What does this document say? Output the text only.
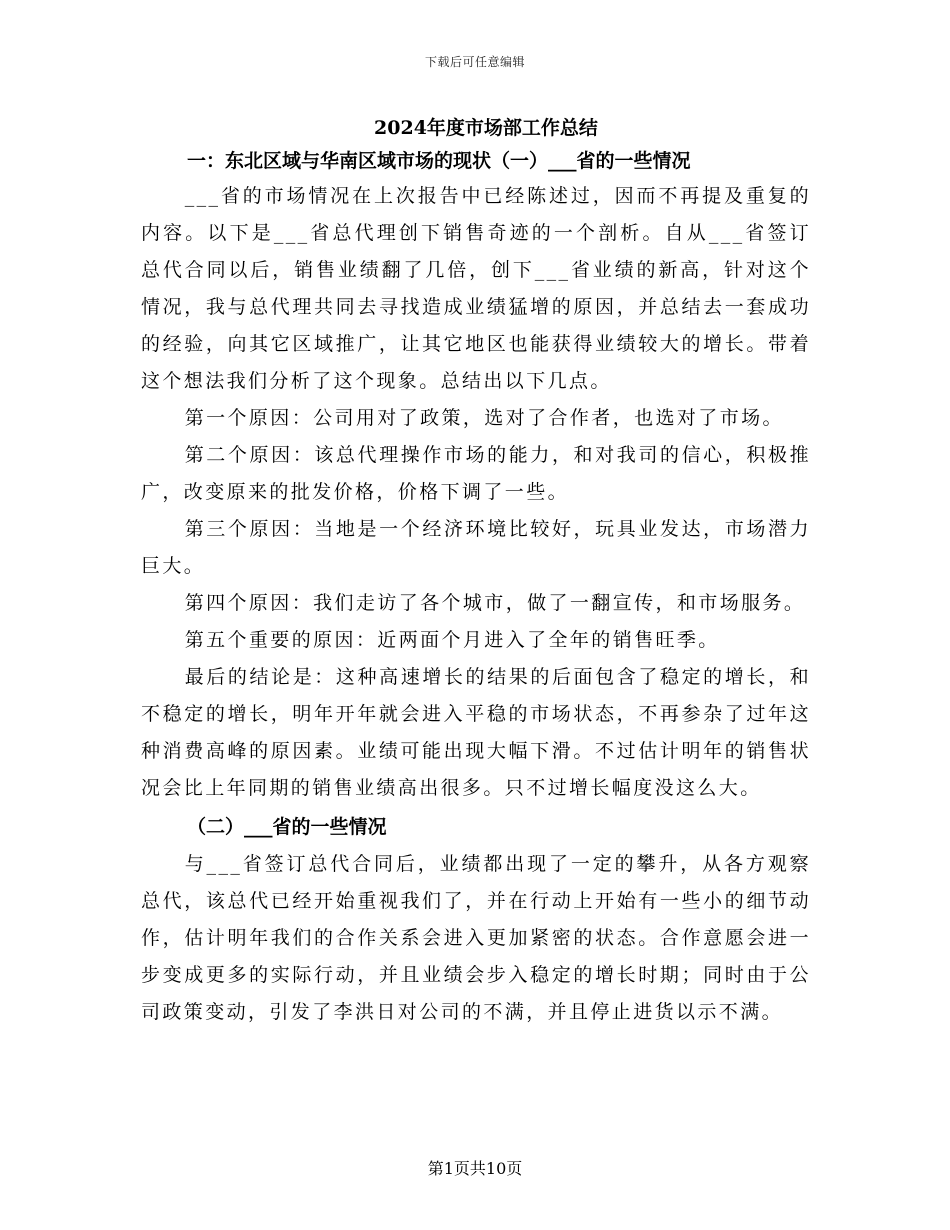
下载后可任意编辑
2024年度市场部工作总结
一：东北区域与华南区域市场的现状（一）___省的一些情况

___省的市场情况在上次报告中已经陈述过，因而不再提及重复的内容。以下是___省总代理创下销售奇迹的一个剖析。自从___省签订总代合同以后，销售业绩翻了几倍，创下___省业绩的新高，针对这个情况，我与总代理共同去寻找造成业绩猛增的原因，并总结去一套成功的经验，向其它区域推广，让其它地区也能获得业绩较大的增长。带着这个想法我们分析了这个现象。总结出以下几点。

第一个原因：公司用对了政策，选对了合作者，也选对了市场。

第二个原因：该总代理操作市场的能力，和对我司的信心，积极推广，改变原来的批发价格，价格下调了一些。

第三个原因：当地是一个经济环境比较好，玩具业发达，市场潜力巨大。

第四个原因：我们走访了各个城市，做了一翻宣传，和市场服务。

第五个重要的原因：近两面个月进入了全年的销售旺季。

最后的结论是：这种高速增长的结果的后面包含了稳定的增长，和不稳定的增长，明年开年就会进入平稳的市场状态，不再参杂了过年这种消费高峰的原因素。业绩可能出现大幅下滑。不过估计明年的销售状况会比上年同期的销售业绩高出很多。只不过增长幅度没这么大。

（二）___省的一些情况

与___省签订总代合同后，业绩都出现了一定的攀升，从各方观察总代，该总代已经开始重视我们了，并在行动上开始有一些小的细节动作，估计明年我们的合作关系会进入更加紧密的状态。合作意愿会进一步变成更多的实际行动，并且业绩会步入稳定的增长时期；同时由于公司政策变动，引发了李洪日对公司的不满，并且停止进货以示不满。

第1页共10页
